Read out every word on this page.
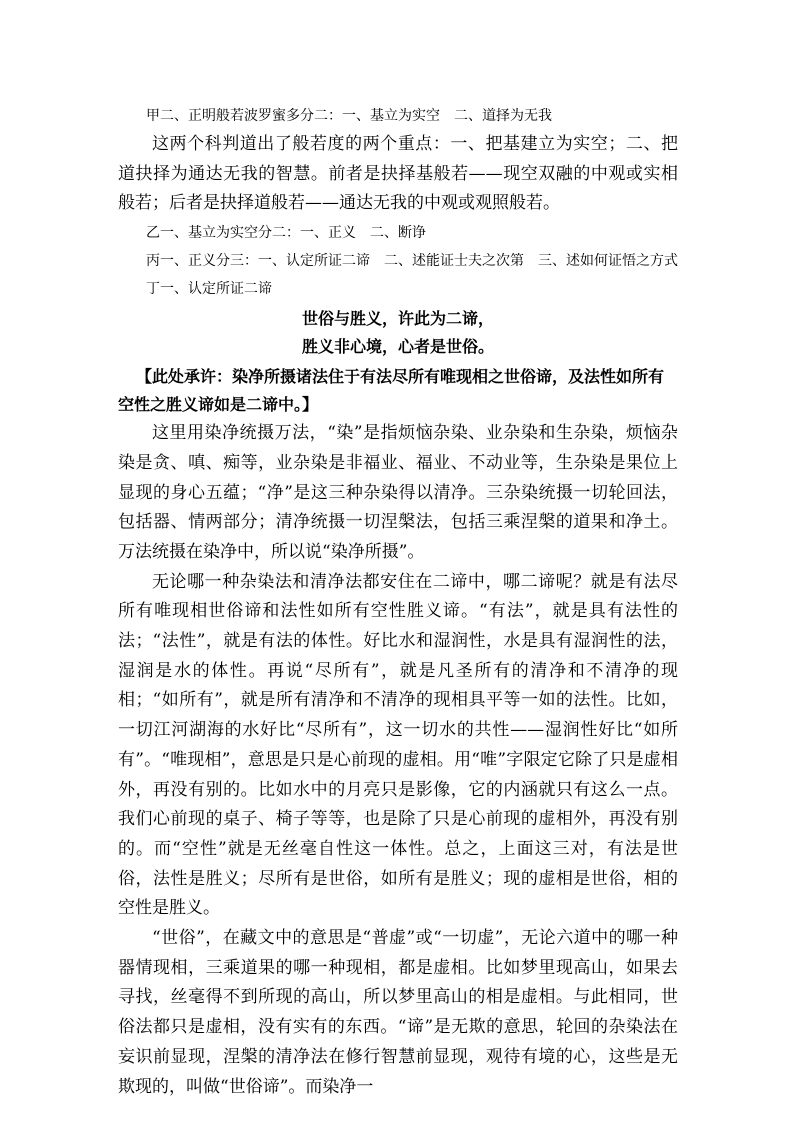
甲二、正明般若波罗蜜多分二：一、基立为实空　二、道择为无我

这两个科判道出了般若度的两个重点：一、把基建立为实空；二、把道抉择为通达无我的智慧。前者是抉择基般若——现空双融的中观或实相般若；后者是抉择道般若——通达无我的中观或观照般若。

乙一、基立为实空分二：一、正义　二、断诤

丙一、正义分三：一、认定所证二谛　二、述能证士夫之次第　三、述如何证悟之方式

丁一、认定所证二谛

世俗与胜义，许此为二谛，

胜义非心境，心者是世俗。

【此处承许：染净所摄诸法住于有法尽所有唯现相之世俗谛，及法性如所有空性之胜义谛如是二谛中。】

这里用染净统摄万法，“染”是指烦恼杂染、业杂染和生杂染，烦恼杂染是贪、嗔、痴等，业杂染是非福业、福业、不动业等，生杂染是果位上显现的身心五蕴；“净”是这三种杂染得以清净。三杂染统摄一切轮回法，包括器、情两部分；清净统摄一切涅槃法，包括三乘涅槃的道果和净土。万法统摄在染净中，所以说“染净所摄”。

无论哪一种杂染法和清净法都安住在二谛中，哪二谛呢？就是有法尽所有唯现相世俗谛和法性如所有空性胜义谛。“有法”，就是具有法性的法；“法性”，就是有法的体性。好比水和湿润性，水是具有湿润性的法，湿润是水的体性。再说“尽所有”，就是凡圣所有的清净和不清净的现相；“如所有”，就是所有清净和不清净的现相具平等一如的法性。比如，一切江河湖海的水好比“尽所有”，这一切水的共性——湿润性好比“如所有”。“唯现相”，意思是只是心前现的虚相。用“唯”字限定它除了只是虚相外，再没有别的。比如水中的月亮只是影像，它的内涵就只有这么一点。我们心前现的桌子、椅子等等，也是除了只是心前现的虚相外，再没有别的。而“空性”就是无丝毫自性这一体性。总之，上面这三对，有法是世俗，法性是胜义；尽所有是世俗，如所有是胜义；现的虚相是世俗，相的空性是胜义。

“世俗”，在藏文中的意思是“普虚”或“一切虚”，无论六道中的哪一种器情现相，三乘道果的哪一种现相，都是虚相。比如梦里现高山，如果去寻找，丝毫得不到所现的高山，所以梦里高山的相是虚相。与此相同，世俗法都只是虚相，没有实有的东西。“谛”是无欺的意思，轮回的杂染法在妄识前显现，涅槃的清净法在修行智慧前显现，观待有境的心，这些是无欺现的，叫做“世俗谛”。而染净一
